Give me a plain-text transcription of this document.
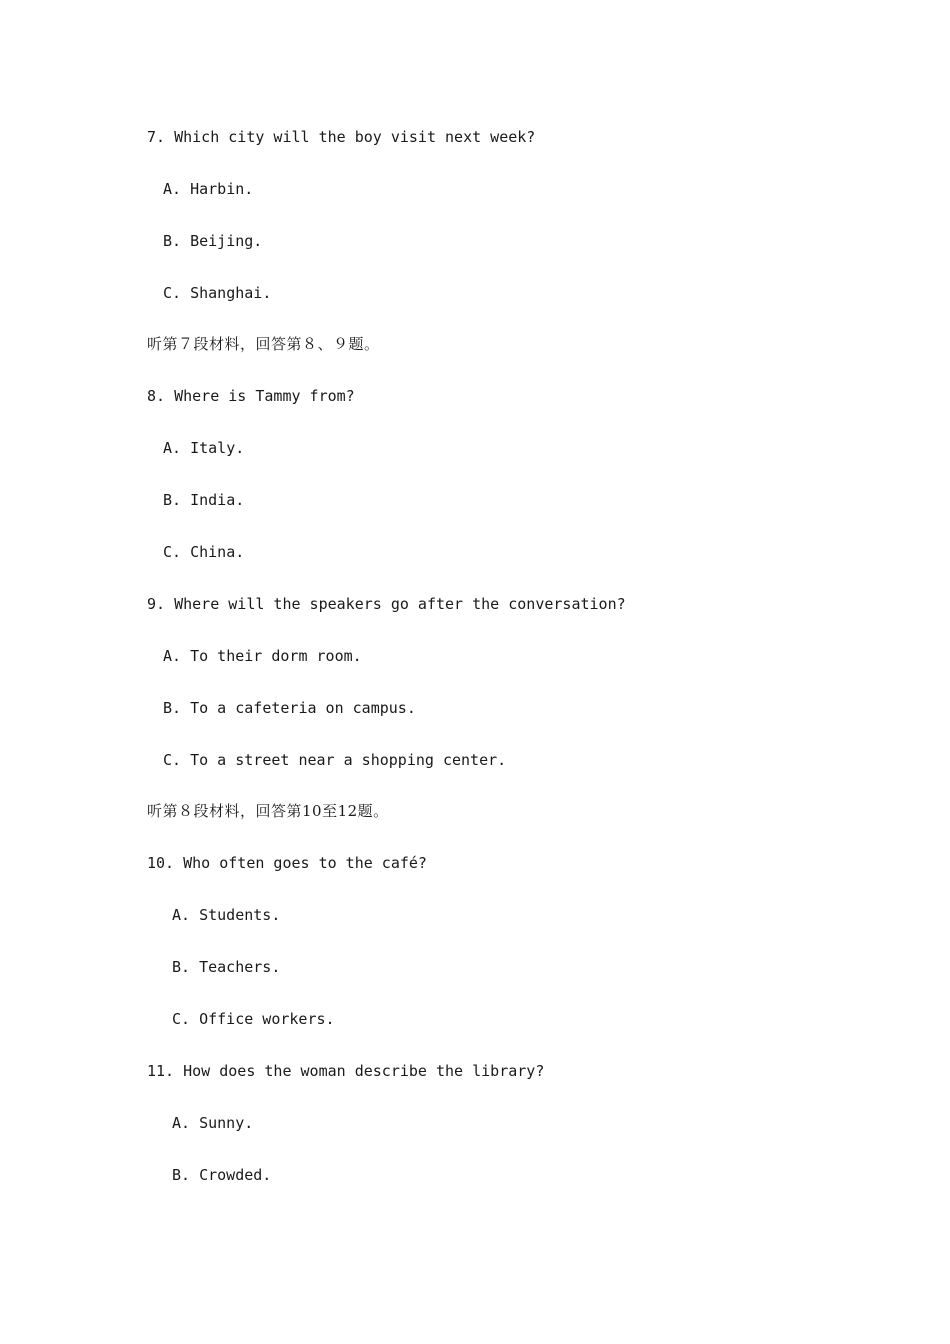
7. Which city will the boy visit next week?

A. Harbin.

B. Beijing.

C. Shanghai.

听第７段材料，回答第８、９题。

8. Where is Tammy from?

A. Italy.

B. India.

C. China.

9. Where will the speakers go after the conversation?

A. To their dorm room.

B. To a cafeteria on campus.

C. To a street near a shopping center.

听第８段材料，回答第10至12题。

10. Who often goes to the café?

A. Students.

B. Teachers.

C. Office workers.

11. How does the woman describe the library?

A. Sunny.

B. Crowded.
